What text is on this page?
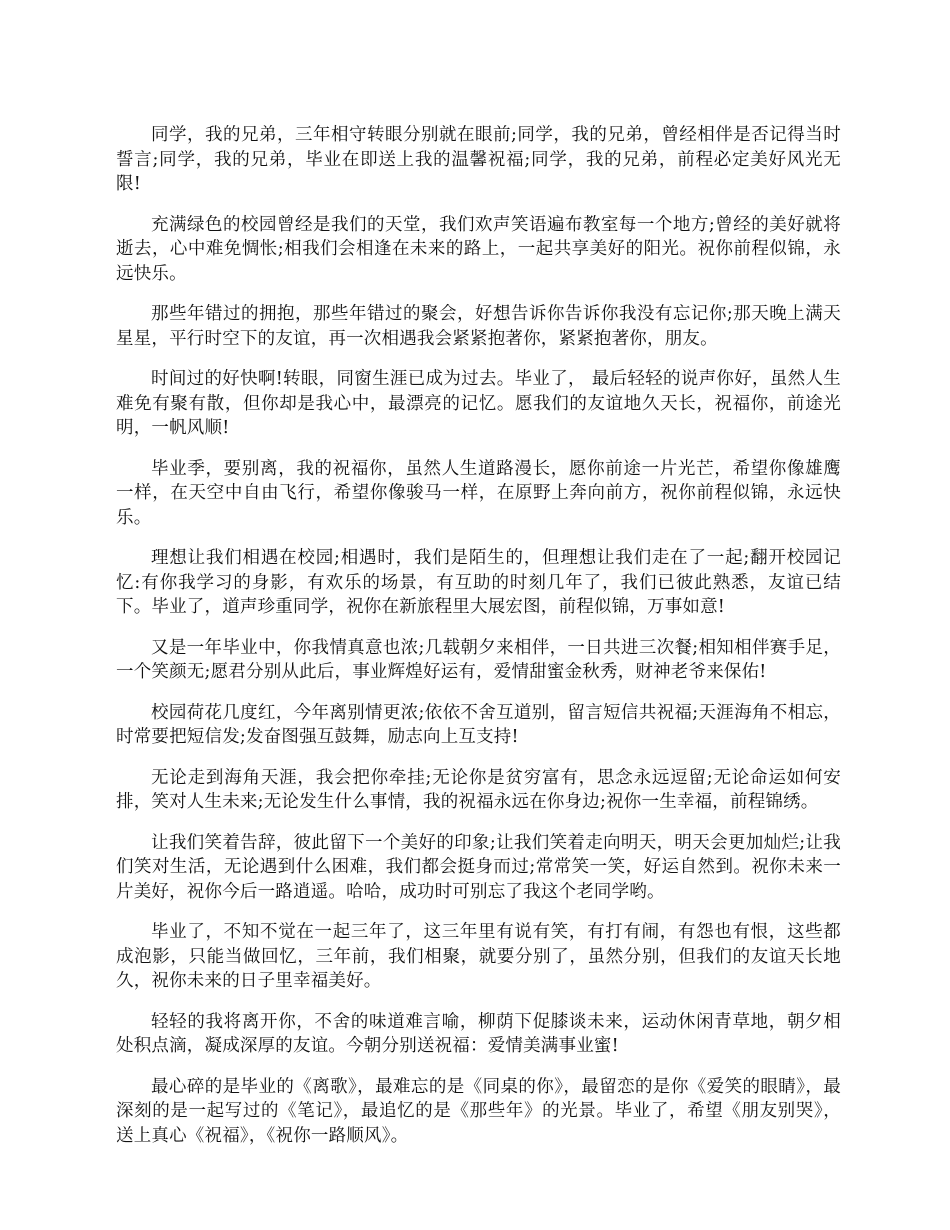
同学，我的兄弟，三年相守转眼分别就在眼前;同学，我的兄弟，曾经相伴是否记得当时誓言;同学，我的兄弟，毕业在即送上我的温馨祝福;同学，我的兄弟，前程必定美好风光无限!

充满绿色的校园曾经是我们的天堂，我们欢声笑语遍布教室每一个地方;曾经的美好就将逝去，心中难免惆怅;相我们会相逢在未来的路上，一起共享美好的阳光。祝你前程似锦，永远快乐。

那些年错过的拥抱，那些年错过的聚会，好想告诉你告诉你我没有忘记你;那天晚上满天星星，平行时空下的友谊，再一次相遇我会紧紧抱著你，紧紧抱著你，朋友。

时间过的好快啊!转眼，同窗生涯已成为过去。毕业了， 最后轻轻的说声你好，虽然人生难免有聚有散，但你却是我心中，最漂亮的记忆。愿我们的友谊地久天长，祝福你，前途光明，一帆风顺!

毕业季，要别离，我的祝福你，虽然人生道路漫长，愿你前途一片光芒，希望你像雄鹰一样，在天空中自由飞行，希望你像骏马一样，在原野上奔向前方，祝你前程似锦，永远快乐。

理想让我们相遇在校园;相遇时，我们是陌生的，但理想让我们走在了一起;翻开校园记忆:有你我学习的身影，有欢乐的场景，有互助的时刻几年了，我们已彼此熟悉，友谊已结下。毕业了，道声珍重同学，祝你在新旅程里大展宏图，前程似锦，万事如意!

又是一年毕业中，你我情真意也浓;几载朝夕来相伴，一日共进三次餐;相知相伴赛手足，一个笑颜无;愿君分别从此后，事业辉煌好运有，爱情甜蜜金秋秀，财神老爷来保佑!

校园荷花几度红，今年离别情更浓;依依不舍互道别，留言短信共祝福;天涯海角不相忘，时常要把短信发;发奋图强互鼓舞，励志向上互支持!

无论走到海角天涯，我会把你牵挂;无论你是贫穷富有，思念永远逗留;无论命运如何安排，笑对人生未来;无论发生什么事情，我的祝福永远在你身边;祝你一生幸福，前程锦绣。

让我们笑着告辞，彼此留下一个美好的印象;让我们笑着走向明天，明天会更加灿烂;让我们笑对生活，无论遇到什么困难，我们都会挺身而过;常常笑一笑，好运自然到。祝你未来一片美好，祝你今后一路逍遥。哈哈，成功时可别忘了我这个老同学哟。

毕业了，不知不觉在一起三年了，这三年里有说有笑，有打有闹，有怨也有恨，这些都成泡影，只能当做回忆，三年前，我们相聚，就要分别了，虽然分别，但我们的友谊天长地久，祝你未来的日子里幸福美好。

轻轻的我将离开你，不舍的味道难言喻，柳荫下促膝谈未来，运动休闲青草地，朝夕相处积点滴，凝成深厚的友谊。今朝分别送祝福：爱情美满事业蜜!

最心碎的是毕业的《离歌》，最难忘的是《同桌的你》，最留恋的是你《爱笑的眼睛》，最深刻的是一起写过的《笔记》，最追忆的是《那些年》的光景。毕业了，希望《朋友别哭》，送上真心《祝福》，《祝你一路顺风》。
